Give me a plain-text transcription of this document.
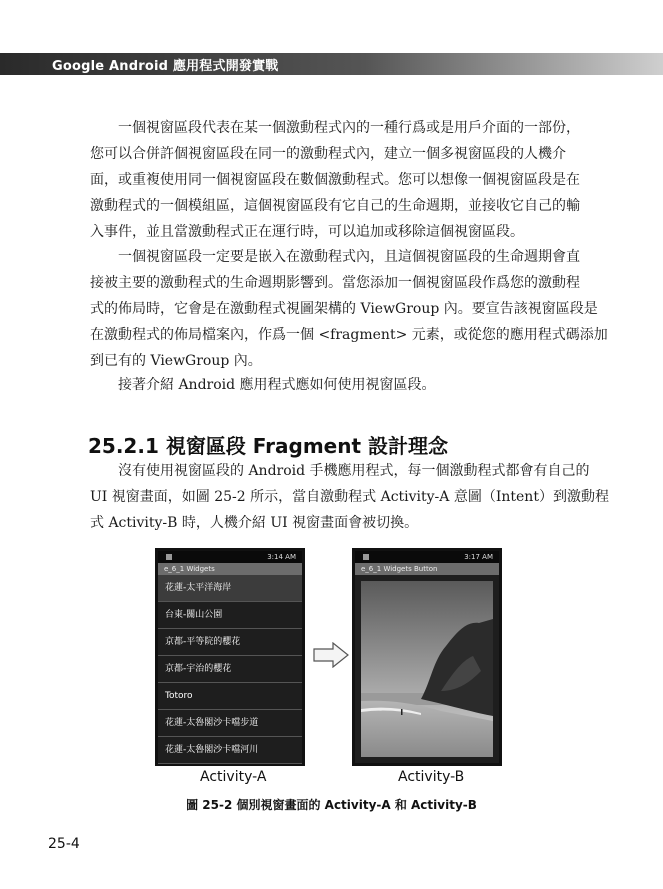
Google Android 應用程式開發實戰
一個視窗區段代表在某一個激動程式內的一種行爲或是用戶介面的一部份，
您可以合併許個視窗區段在同一的激動程式內，建立一個多視窗區段的人機介
面，或重複使用同一個視窗區段在數個激動程式。您可以想像一個視窗區段是在
激動程式的一個模組區，這個視窗區段有它自己的生命週期，並接收它自己的輸
入事件，並且當激動程式正在運行時，可以追加或移除這個視窗區段。
一個視窗區段一定要是嵌入在激動程式內，且這個視窗區段的生命週期會直
接被主要的激動程式的生命週期影響到。當您添加一個視窗區段作爲您的激動程
式的佈局時，它會是在激動程式視圖架構的 ViewGroup 內。要宣告該視窗區段是
在激動程式的佈局檔案內，作爲一個 <fragment> 元素，或從您的應用程式碼添加
到已有的 ViewGroup 內。
接著介紹 Android 應用程式應如何使用視窗區段。
25.2.1 視窗區段 Fragment 設計理念
沒有使用視窗區段的 Android 手機應用程式，每一個激動程式都會有自己的
UI 視窗畫面，如圖 25-2 所示，當自激動程式 Activity-A 意圖（Intent）到激動程
式 Activity-B 時，人機介紹 UI 視窗畫面會被切換。
3:14 AM
e_6_1 Widgets
花蓮-太平洋海岸
台東-關山公園
京都-平等院的櫻花
京都-宇治的櫻花
Totoro
花蓮-太魯閣沙卡噹步道
花蓮-太魯閣沙卡噹河川
3:17 AM
e_6_1 Widgets Button
Activity-A	Activity-B
圖 25-2 個別視窗畫面的 Activity-A 和 Activity-B
25-4
